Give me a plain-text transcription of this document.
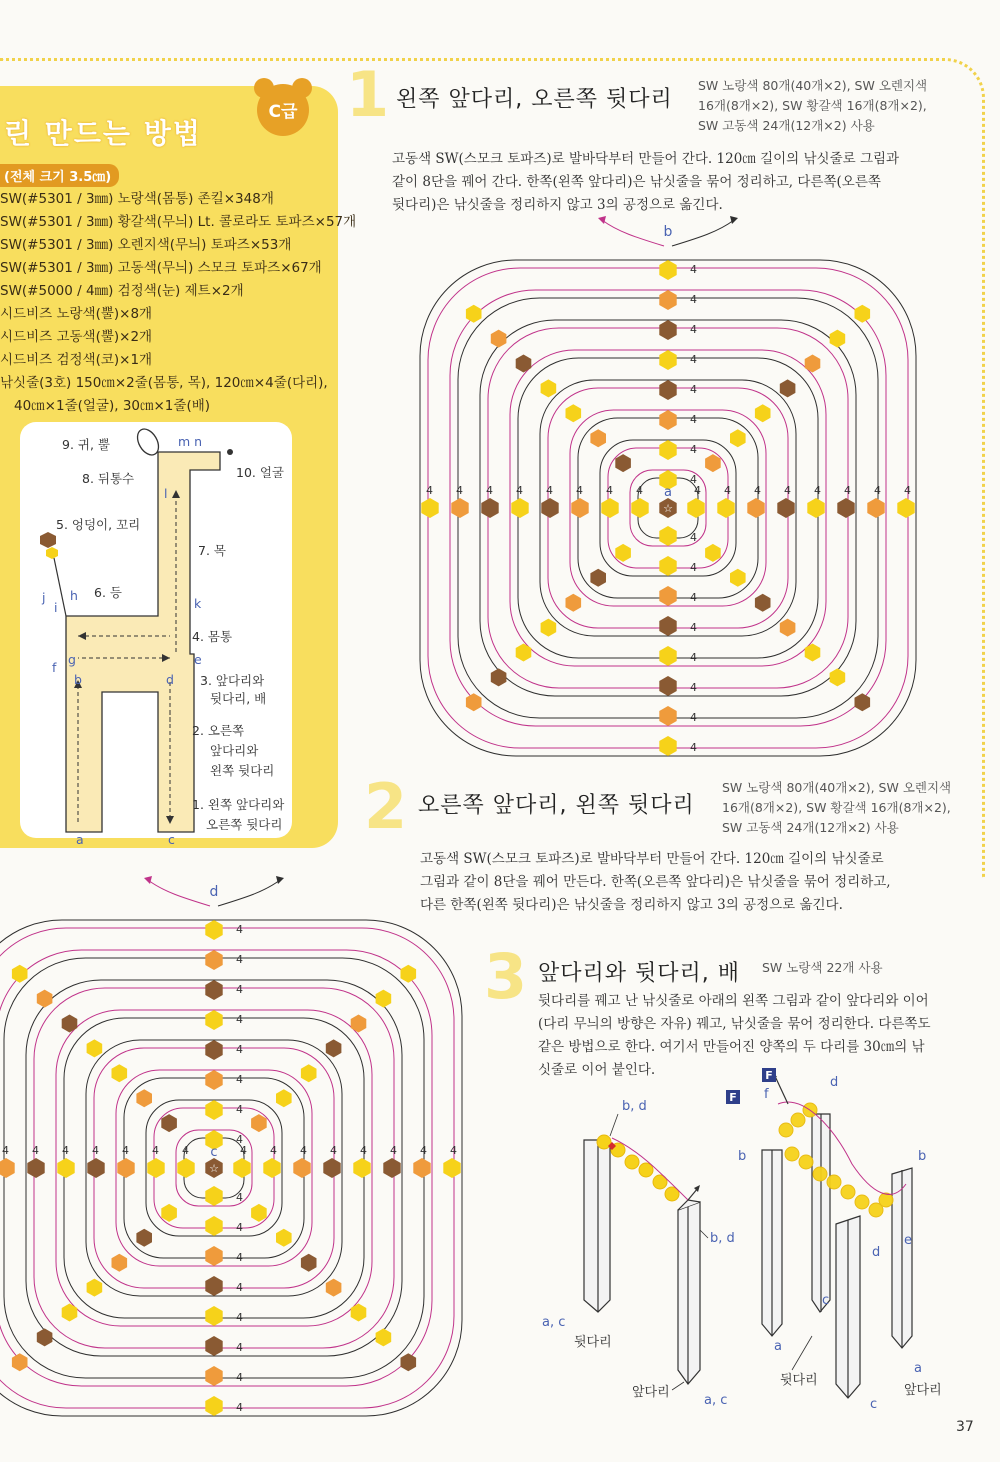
린 만드는 방법
C급
(전체 크기 3.5㎝)
SW(#5301 / 3㎜) 노랑색(몸통) 존킬×348개
SW(#5301 / 3㎜) 황갈색(무늬) Lt. 콜로라도 토파즈×57개
SW(#5301 / 3㎜) 오렌지색(무늬) 토파즈×53개
SW(#5301 / 3㎜) 고동색(무늬) 스모크 토파즈×67개
SW(#5000 / 4㎜) 검정색(눈) 제트×2개
시드비즈 노랑색(뿔)×8개
시드비즈 고동색(뿔)×2개
시드비즈 검정색(코)×1개
낚싯줄(3호) 150㎝×2줄(몸통, 목), 120㎝×4줄(다리),
40㎝×1줄(얼굴), 30㎝×1줄(배)
9. 귀, 뿔
8. 뒤통수	10. 얼굴
5. 엉덩이, 꼬리
7. 목
6. 등
4. 몸통
3. 앞다리와
뒷다리, 배
2. 오른쪽
앞다리와
왼쪽 뒷다리
1. 왼쪽 앞다리와
오른쪽 뒷다리
a
b
c
d
e
f
g
h
i
j	k
l
m n
1 왼쪽 앞다리, 오른쪽 뒷다리
SW 노랑색 80개(40개×2), SW 오렌지색
16개(8개×2), SW 황갈색 16개(8개×2),
SW 고동색 24개(12개×2) 사용
고동색 SW(스모크 토파즈)로 발바닥부터 만들어 간다. 120㎝ 길이의 낚싯줄로 그림과
같이 8단을 꿰어 간다. 한쪽(왼쪽 앞다리)은 낚싯줄을 묶어 정리하고, 다른쪽(오른쪽
뒷다리)은 낚싯줄을 정리하지 않고 3의 공정으로 옮긴다.
☆
a
b
4
4
4	4
4
4
4	4
4
4
4	4
4
4
4	4
4
4
4	4
4
4
4	4
4
4
4	4
4
4
4	4
2 오른쪽 앞다리, 왼쪽 뒷다리
SW 노랑색 80개(40개×2), SW 오렌지색
16개(8개×2), SW 황갈색 16개(8개×2),
SW 고동색 24개(12개×2) 사용
고동색 SW(스모크 토파즈)로 발바닥부터 만들어 간다. 120㎝ 길이의 낚싯줄로
그림과 같이 8단을 꿰어 만든다. 한쪽(오른쪽 앞다리)은 낚싯줄을 묶어 정리하고,
다른 한쪽(왼쪽 뒷다리)은 낚싯줄을 정리하지 않고 3의 공정으로 옮긴다.
☆
c
d
4
4
4	4
4
4
4	4
4
4
4	4
4
4
4	4
4
4
4	4
4
4
4	4
4
4
4	4
4
4
4
3 앞다리와 뒷다리, 배 SW 노랑색 22개 사용
뒷다리를 꿰고 난 낚싯줄로 아래의 왼쪽 그림과 같이 앞다리와 이어
(다리 무늬의 방향은 자유) 꿰고, 낚싯줄을 묶어 정리한다. 다른쪽도
같은 방법으로 한다. 여기서 만들어진 양쪽의 두 다리를 30㎝의 낚
싯줄로 이어 붙인다.
b, d
b, d
a, c
뒷다리
앞다리
a, c
F
F f
d
b	b
d
e
c
a
a
뒷다리
앞다리
c
37
